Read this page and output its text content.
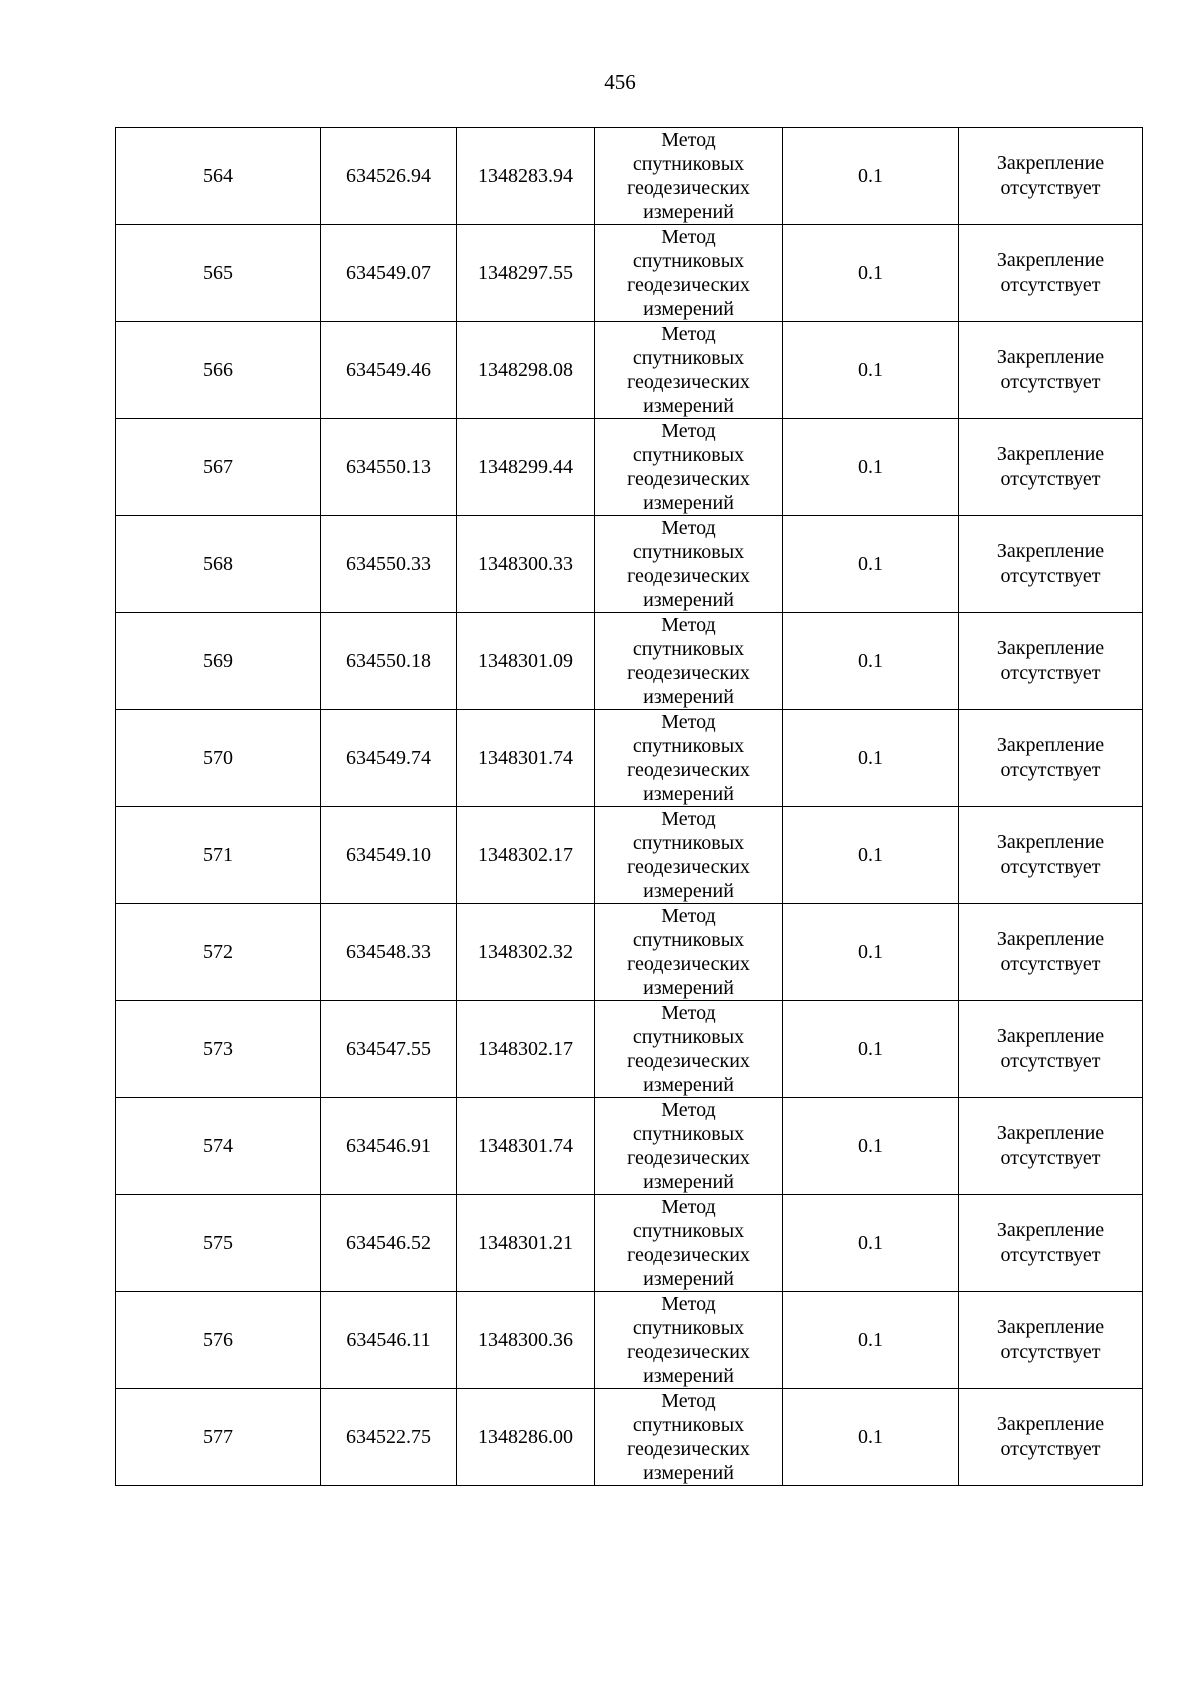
456
564	634526.94	1348283.94	Метод
спутниковых
геодезических
измерений	0.1	Закрепление
отсутствует

565	634549.07	1348297.55	Метод
спутниковых
геодезических
измерений	0.1	Закрепление
отсутствует

566	634549.46	1348298.08	Метод
спутниковых
геодезических
измерений	0.1	Закрепление
отсутствует

567	634550.13	1348299.44	Метод
спутниковых
геодезических
измерений	0.1	Закрепление
отсутствует

568	634550.33	1348300.33	Метод
спутниковых
геодезических
измерений	0.1	Закрепление
отсутствует

569	634550.18	1348301.09	Метод
спутниковых
геодезических
измерений	0.1	Закрепление
отсутствует

570	634549.74	1348301.74	Метод
спутниковых
геодезических
измерений	0.1	Закрепление
отсутствует

571	634549.10	1348302.17	Метод
спутниковых
геодезических
измерений	0.1	Закрепление
отсутствует

572	634548.33	1348302.32	Метод
спутниковых
геодезических
измерений	0.1	Закрепление
отсутствует

573	634547.55	1348302.17	Метод
спутниковых
геодезических
измерений	0.1	Закрепление
отсутствует

574	634546.91	1348301.74	Метод
спутниковых
геодезических
измерений	0.1	Закрепление
отсутствует

575	634546.52	1348301.21	Метод
спутниковых
геодезических
измерений	0.1	Закрепление
отсутствует

576	634546.11	1348300.36	Метод
спутниковых
геодезических
измерений	0.1	Закрепление
отсутствует

577	634522.75	1348286.00	Метод
спутниковых
геодезических
измерений	0.1	Закрепление
отсутствует
